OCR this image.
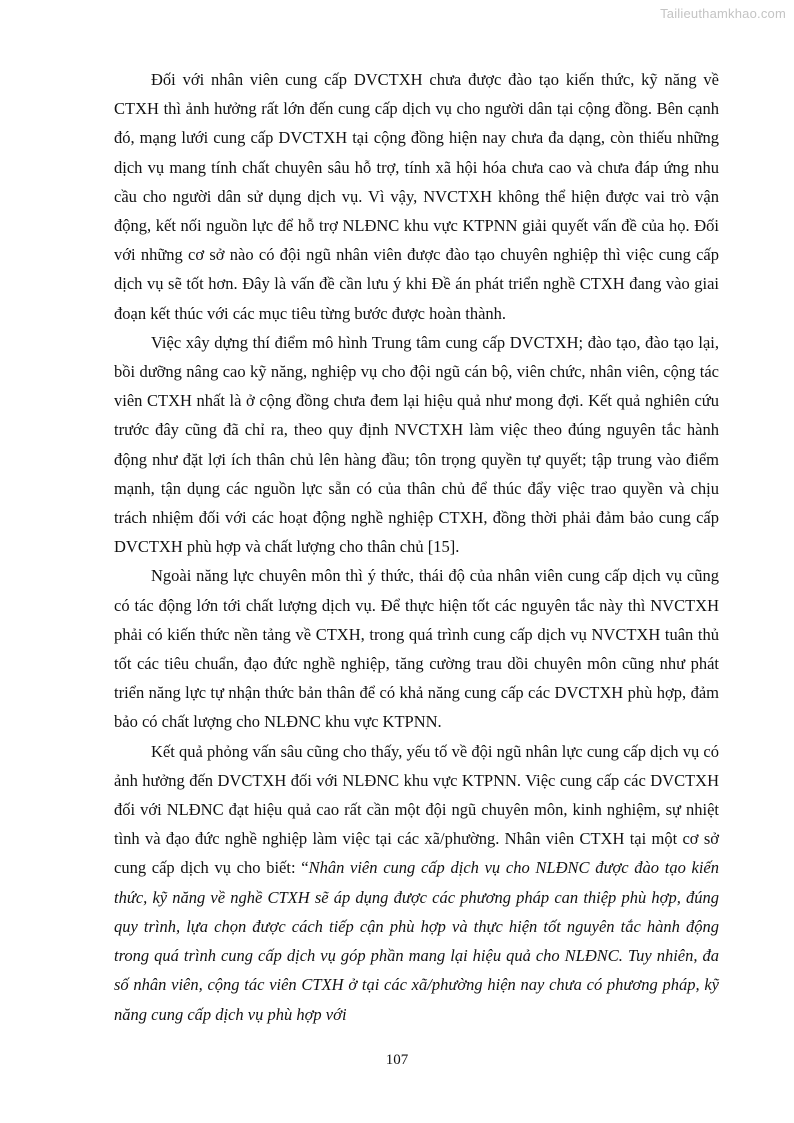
Tailieuthamkhao.com

Đối với nhân viên cung cấp DVCTXH chưa được đào tạo kiến thức, kỹ năng về CTXH thì ảnh hưởng rất lớn đến cung cấp dịch vụ cho người dân tại cộng đồng. Bên cạnh đó, mạng lưới cung cấp DVCTXH tại cộng đồng hiện nay chưa đa dạng, còn thiếu những dịch vụ mang tính chất chuyên sâu hỗ trợ, tính xã hội hóa chưa cao và chưa đáp ứng nhu cầu cho người dân sử dụng dịch vụ. Vì vậy, NVCTXH không thể hiện được vai trò vận động, kết nối nguồn lực để hỗ trợ NLĐNC khu vực KTPNN giải quyết vấn đề của họ. Đối với những cơ sở nào có đội ngũ nhân viên được đào tạo chuyên nghiệp thì việc cung cấp dịch vụ sẽ tốt hơn. Đây là vấn đề cần lưu ý khi Đề án phát triển nghề CTXH đang vào giai đoạn kết thúc với các mục tiêu từng bước được hoàn thành.

Việc xây dựng thí điểm mô hình Trung tâm cung cấp DVCTXH; đào tạo, đào tạo lại, bồi dưỡng nâng cao kỹ năng, nghiệp vụ cho đội ngũ cán bộ, viên chức, nhân viên, cộng tác viên CTXH nhất là ở cộng đồng chưa đem lại hiệu quả như mong đợi. Kết quả nghiên cứu trước đây cũng đã chỉ ra, theo quy định NVCTXH làm việc theo đúng nguyên tắc hành động như đặt lợi ích thân chủ lên hàng đầu; tôn trọng quyền tự quyết; tập trung vào điểm mạnh, tận dụng các nguồn lực sẵn có của thân chủ để thúc đẩy việc trao quyền và chịu trách nhiệm đối với các hoạt động nghề nghiệp CTXH, đồng thời phải đảm bảo cung cấp DVCTXH phù hợp và chất lượng cho thân chủ [15].

Ngoài năng lực chuyên môn thì ý thức, thái độ của nhân viên cung cấp dịch vụ cũng có tác động lớn tới chất lượng dịch vụ. Để thực hiện tốt các nguyên tắc này thì NVCTXH phải có kiến thức nền tảng về CTXH, trong quá trình cung cấp dịch vụ NVCTXH tuân thủ tốt các tiêu chuẩn, đạo đức nghề nghiệp, tăng cường trau dồi chuyên môn cũng như phát triển năng lực tự nhận thức bản thân để có khả năng cung cấp các DVCTXH phù hợp, đảm bảo có chất lượng cho NLĐNC khu vực KTPNN.

Kết quả phỏng vấn sâu cũng cho thấy, yếu tố về đội ngũ nhân lực cung cấp dịch vụ có ảnh hưởng đến DVCTXH đối với NLĐNC khu vực KTPNN. Việc cung cấp các DVCTXH đối với NLĐNC đạt hiệu quả cao rất cần một đội ngũ chuyên môn, kinh nghiệm, sự nhiệt tình và đạo đức nghề nghiệp làm việc tại các xã/phường. Nhân viên CTXH tại một cơ sở cung cấp dịch vụ cho biết: “Nhân viên cung cấp dịch vụ cho NLĐNC được đào tạo kiến thức, kỹ năng về nghề CTXH sẽ áp dụng được các phương pháp can thiệp phù hợp, đúng quy trình, lựa chọn được cách tiếp cận phù hợp và thực hiện tốt nguyên tắc hành động trong quá trình cung cấp dịch vụ góp phần mang lại hiệu quả cho NLĐNC. Tuy nhiên, đa số nhân viên, cộng tác viên CTXH ở tại các xã/phường hiện nay chưa có phương pháp, kỹ năng cung cấp dịch vụ phù hợp với

107
